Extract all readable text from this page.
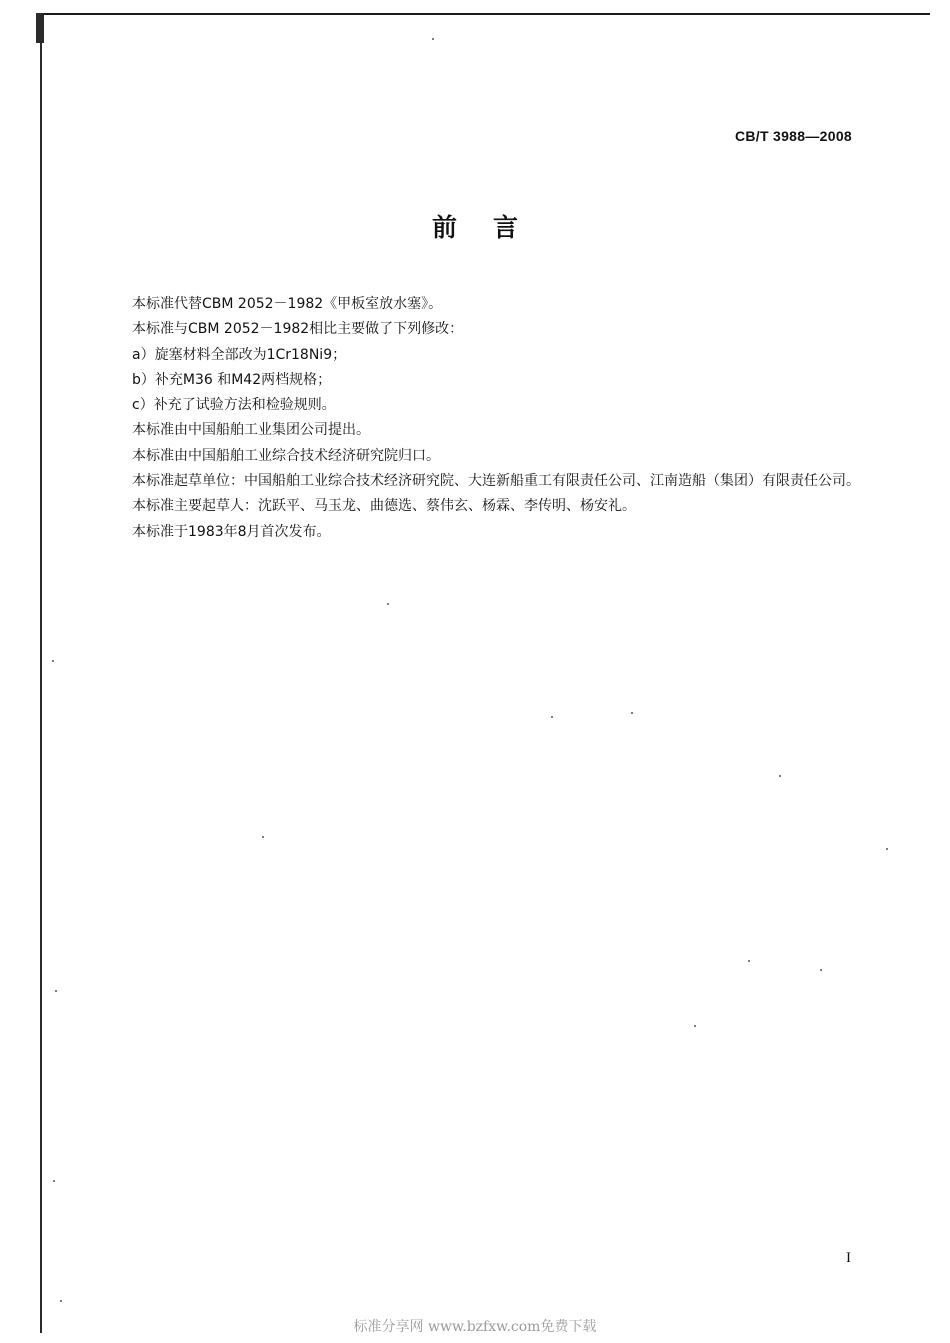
CB/T 3988—2008
前言

本标准代替CBM 2052－1982《甲板室放水塞》。

本标准与CBM 2052－1982相比主要做了下列修改：

a）旋塞材料全部改为1Cr18Ni9；

b）补充M36 和M42两档规格；

c）补充了试验方法和检验规则。

本标准由中国船舶工业集团公司提出。

本标准由中国船舶工业综合技术经济研究院归口。

本标准起草单位：中国船舶工业综合技术经济研究院、大连新船重工有限责任公司、江南造船（集团）有限责任公司。

本标准主要起草人：沈跃平、马玉龙、曲德选、蔡伟玄、杨霖、李传明、杨安礼。

本标准于1983年8月首次发布。

I
标准分享网 www.bzfxw.com免费下载
